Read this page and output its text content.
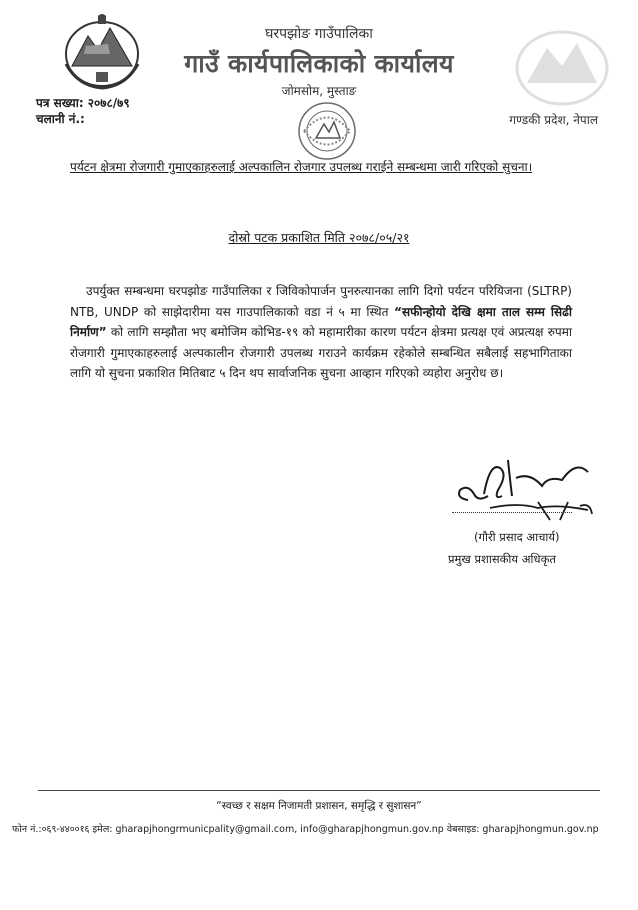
घरपझोङ गाउँपालिका
गाउँ कार्यपालिकाको कार्यालय
जोमसोम, मुस्ताङ
पत्र सख्या: २०७८/७९
चलानी नं.:	गण्डकी प्रदेश, नेपाल
पर्यटन क्षेत्रमा रोजगारी गुमाएकाहरुलाई अल्पकालिन रोजगार उपलब्ध गराईने सम्बन्धमा जारी गरिएको सुचना।
दोस्रो पटक प्रकाशित मिति २०७८/०५/२१
उपर्युक्त सम्बन्धमा घरपझोङ गाउँपालिका र जिविकोपार्जन पुनरुत्यानका लागि दिगो पर्यटन परियिजना (SLTRP) NTB, UNDP को साझेदारीमा यस गाउपालिकाको वडा नं ५ मा स्थित “सफीन्होयो देखि क्षमा ताल सम्म सिढी निर्माण” को लागि सम्झौता भए बमोजिम कोभिड-१९ को महामारीका कारण पर्यटन क्षेत्रमा प्रत्यक्ष एवं अप्रत्यक्ष रुपमा रोजगारी गुमाएकाहरुलाई अल्पकालीन रोजगारी उपलब्ध गराउने कार्यक्रम रहेकोले सम्बन्धित सबैलाई सहभागिताका लागि यो सुचना प्रकाशित मितिबाट ५ दिन थप सार्वाजनिक सुचना आव्हान गरिएको व्यहोरा अनुरोध छ।
(गौरी प्रसाद आचार्य)
प्रमुख प्रशासकीय अधिकृत
“स्वच्छ र सक्षम निजामती प्रशासन, समृद्धि र सुशासन”
फोन नं.:०६९-४४००१६ इमेल: gharapjhongrmunicpality@gmail.com, info@gharapjhongmun.gov.np वेबसाइड: gharapjhongmun.gov.np
